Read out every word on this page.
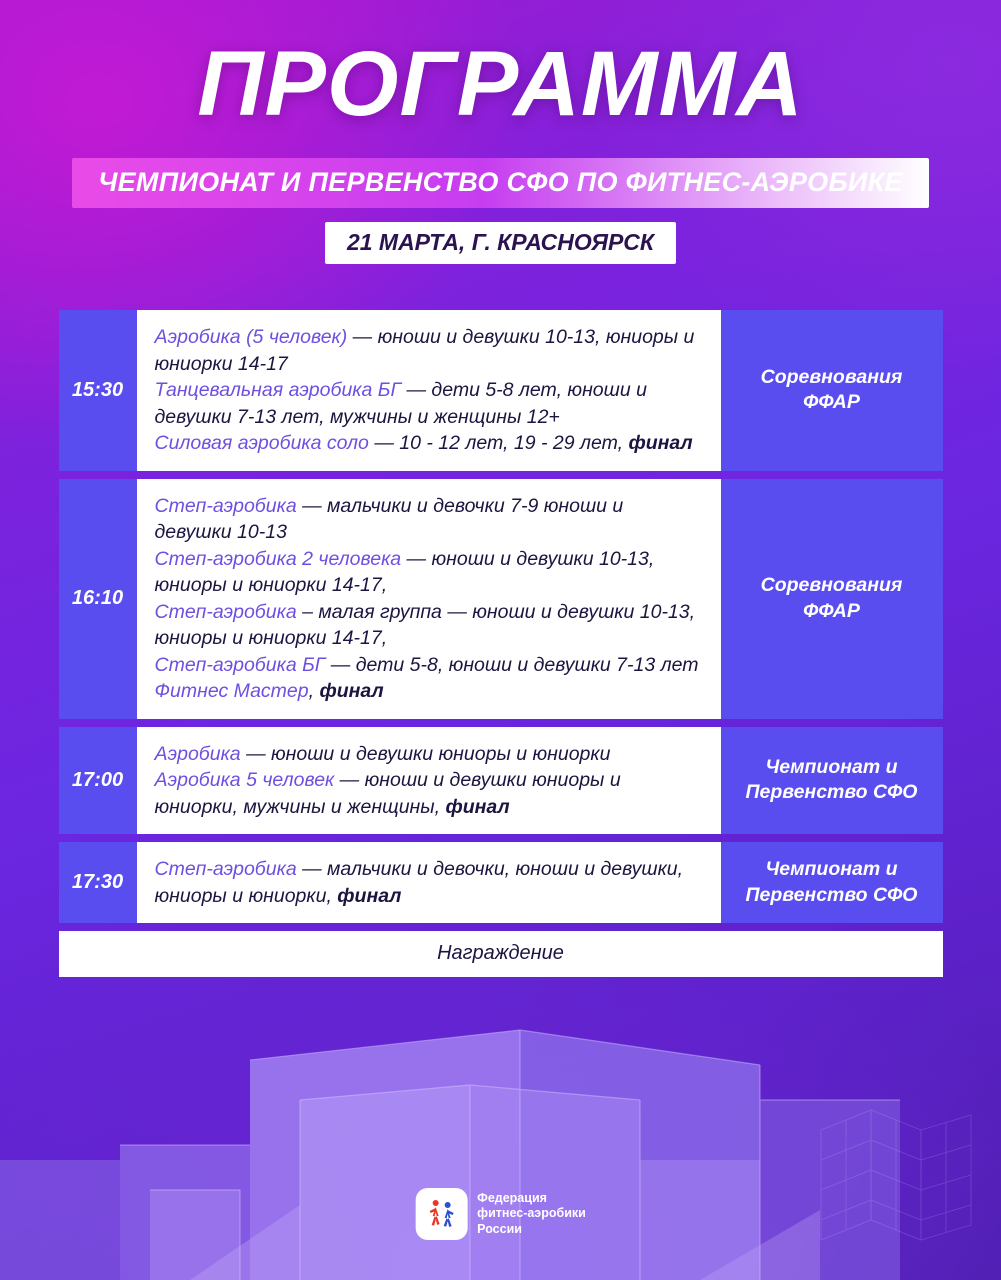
ПРОГРАММА
ЧЕМПИОНАТ И ПЕРВЕНСТВО СФО ПО ФИТНЕС-АЭРОБИКЕ
21 МАРТА, Г. КРАСНОЯРСК
15:30
Аэробика (5 человек) — юноши и девушки 10-13, юниоры и юниорки 14-17
Танцевальная аэробика БГ — дети 5-8 лет, юноши и девушки 7-13 лет, мужчины и женщины 12+
Силовая аэробика соло — 10 - 12 лет, 19 - 29 лет, финал
Соревнования ФФАР
16:10
Степ-аэробика — мальчики и девочки 7-9 юноши и девушки 10-13
Степ-аэробика 2 человека — юноши и девушки 10-13, юниоры и юниорки 14-17,
Степ-аэробика – малая группа — юноши и девушки 10-13, юниоры и юниорки 14-17,
Степ-аэробика БГ — дети 5-8, юноши и девушки 7-13 лет
Фитнес Мастер, финал
Соревнования ФФАР
17:00
Аэробика — юноши и девушки юниоры и юниорки
Аэробика 5 человек — юноши и девушки юниоры и юниорки, мужчины и женщины, финал
Чемпионат и Первенство СФО
17:30
Степ-аэробика — мальчики и девочки, юноши и девушки, юниоры и юниорки, финал
Чемпионат и Первенство СФО
Награждение
Федерация
фитнес-аэробики
России
